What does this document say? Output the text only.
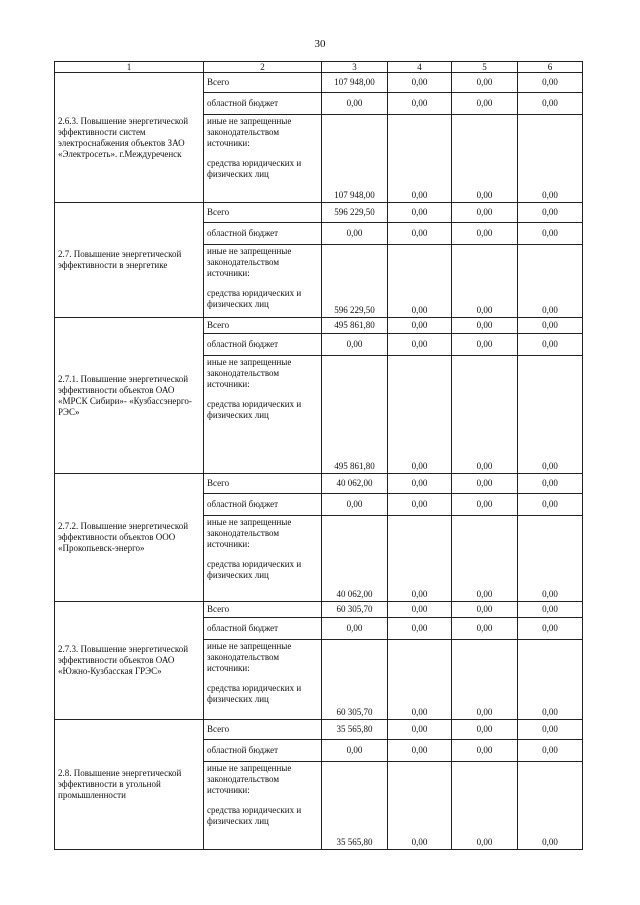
30
1	2	3	4	5	6
2.6.3. Повышение энергетической эффективности систем электроснабжения объектов ЗАО «Электросеть». г.Междуреченск	Всего	107 948,00	0,00	0,00	0,00
	областной бюджет	0,00	0,00	0,00	0,00

	иные не запрещенные законодательством источники:
средства юридических и физических лиц	107 948,00	0,00	0,00	0,00
2.7. Повышение энергетической эффективности в энергетике	Всего	596 229,50	0,00	0,00	0,00
	областной бюджет	0,00	0,00	0,00	0,00

	иные не запрещенные законодательством источники:
средства юридических и физических лиц	596 229,50	0,00	0,00	0,00
2.7.1. Повышение энергетической эффективности объектов ОАО «МРСК Сибири»- «Кузбассэнерго-РЭС»	Всего	495 861,80	0,00	0,00	0,00
	областной бюджет	0,00	0,00	0,00	0,00

	иные не запрещенные законодательством источники:
средства юридических и физических лиц	495 861,80	0,00	0,00	0,00
2.7.2. Повышение энергетической эффективности объектов ООО «Прокопьевск-энерго»	Всего	40 062,00	0,00	0,00	0,00
	областной бюджет	0,00	0,00	0,00	0,00

	иные не запрещенные законодательством источники:
средства юридических и физических лиц	40 062,00	0,00	0,00	0,00
2.7.3. Повышение энергетической эффективности объектов ОАО «Южно-Кузбасская ГРЭС»	Всего	60 305,70	0,00	0,00	0,00
	областной бюджет	0,00	0,00	0,00	0,00

	иные не запрещенные законодательством источники:
средства юридических и физических лиц	60 305,70	0,00	0,00	0,00
2.8. Повышение энергетической эффективности в угольной промышленности	Всего	35 565,80	0,00	0,00	0,00
	областной бюджет	0,00	0,00	0,00	0,00

	иные не запрещенные законодательством источники:
средства юридических и физических лиц	35 565,80	0,00	0,00	0,00
